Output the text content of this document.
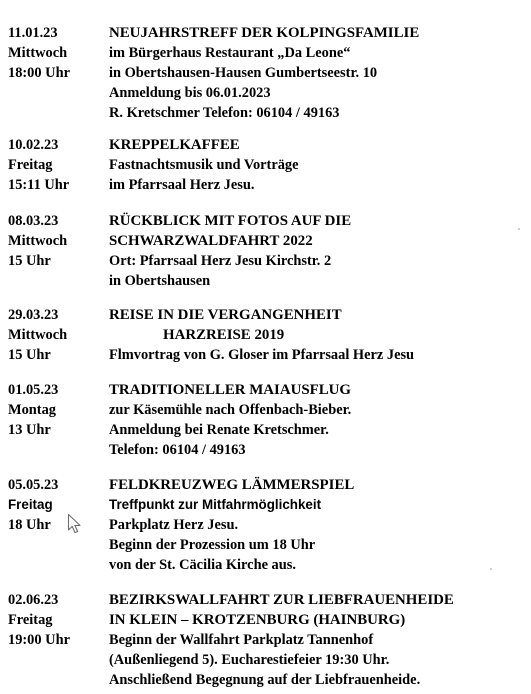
11.01.23
Mittwoch
18:00 Uhr
NEUJAHRSTREFF DER KOLPINGSFAMILIE
im Bürgerhaus Restaurant „Da Leone“
in Obertshausen-Hausen Gumbertseestr. 10
Anmeldung bis 06.01.2023
R. Kretschmer Telefon: 06104 / 49163
10.02.23
Freitag
15:11 Uhr
KREPPELKAFFEE
Fastnachtsmusik und Vorträge
im Pfarrsaal Herz Jesu.
08.03.23
Mittwoch
15 Uhr
RÜCKBLICK MIT FOTOS AUF DIE
SCHWARZWALDFAHRT 2022
Ort: Pfarrsaal Herz Jesu Kirchstr. 2
in Obertshausen
29.03.23
Mittwoch
15 Uhr
REISE IN DIE VERGANGENHEIT
HARZREISE 2019
Flmvortrag von G. Gloser im Pfarrsaal Herz Jesu
01.05.23
Montag
13 Uhr
TRADITIONELLER MAIAUSFLUG
zur Käsemühle nach Offenbach-Bieber.
Anmeldung bei Renate Kretschmer.
Telefon: 06104 / 49163
05.05.23
Freitag
18 Uhr
FELDKREUZWEG LÄMMERSPIEL
Treffpunkt zur Mitfahrmöglichkeit
Parkplatz Herz Jesu.
Beginn der Prozession um 18 Uhr
von der St. Cäcilia Kirche aus.
02.06.23
Freitag
19:00 Uhr
BEZIRKSWALLFAHRT ZUR LIEBFRAUENHEIDE
IN KLEIN – KROTZENBURG (HAINBURG)
Beginn der Wallfahrt Parkplatz Tannenhof
(Außenliegend 5). Eucharestiefeier 19:30 Uhr.
Anschließend Begegnung auf der Liebfrauenheide.
